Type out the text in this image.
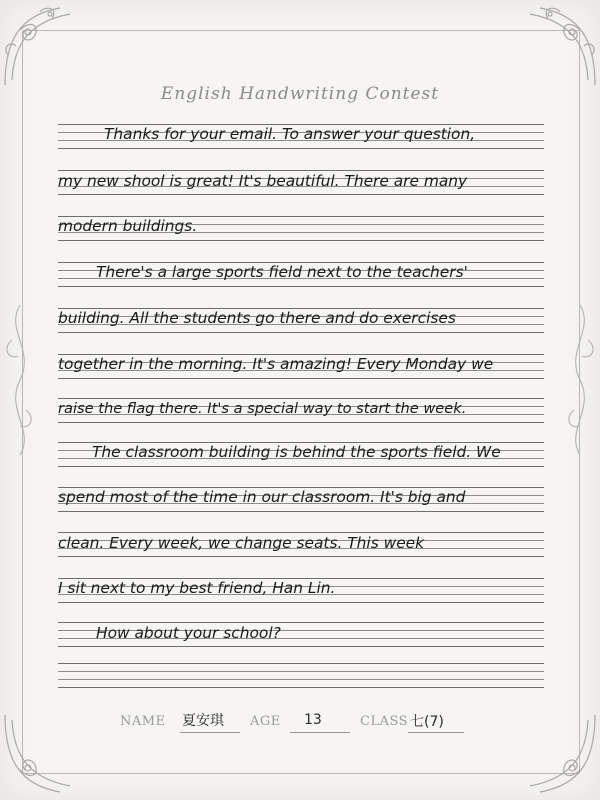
English Handwriting Contest
Thanks for your email. To answer your question,
my new shool is great! It's beautiful. There are many
modern buildings.
There's a large sports field next to the teachers'
building. All the students go there and do exercises
together in the morning. It's amazing! Every Monday we
raise the flag there. It's a special way to start the week.
The classroom building is behind the sports field. We
spend most of the time in our classroom. It's big and
clean. Every week, we change seats. This week
I sit next to my best friend, Han Lin.
How about your school?
NAME 夏安琪 AGE 13	CLASS 七(7)
